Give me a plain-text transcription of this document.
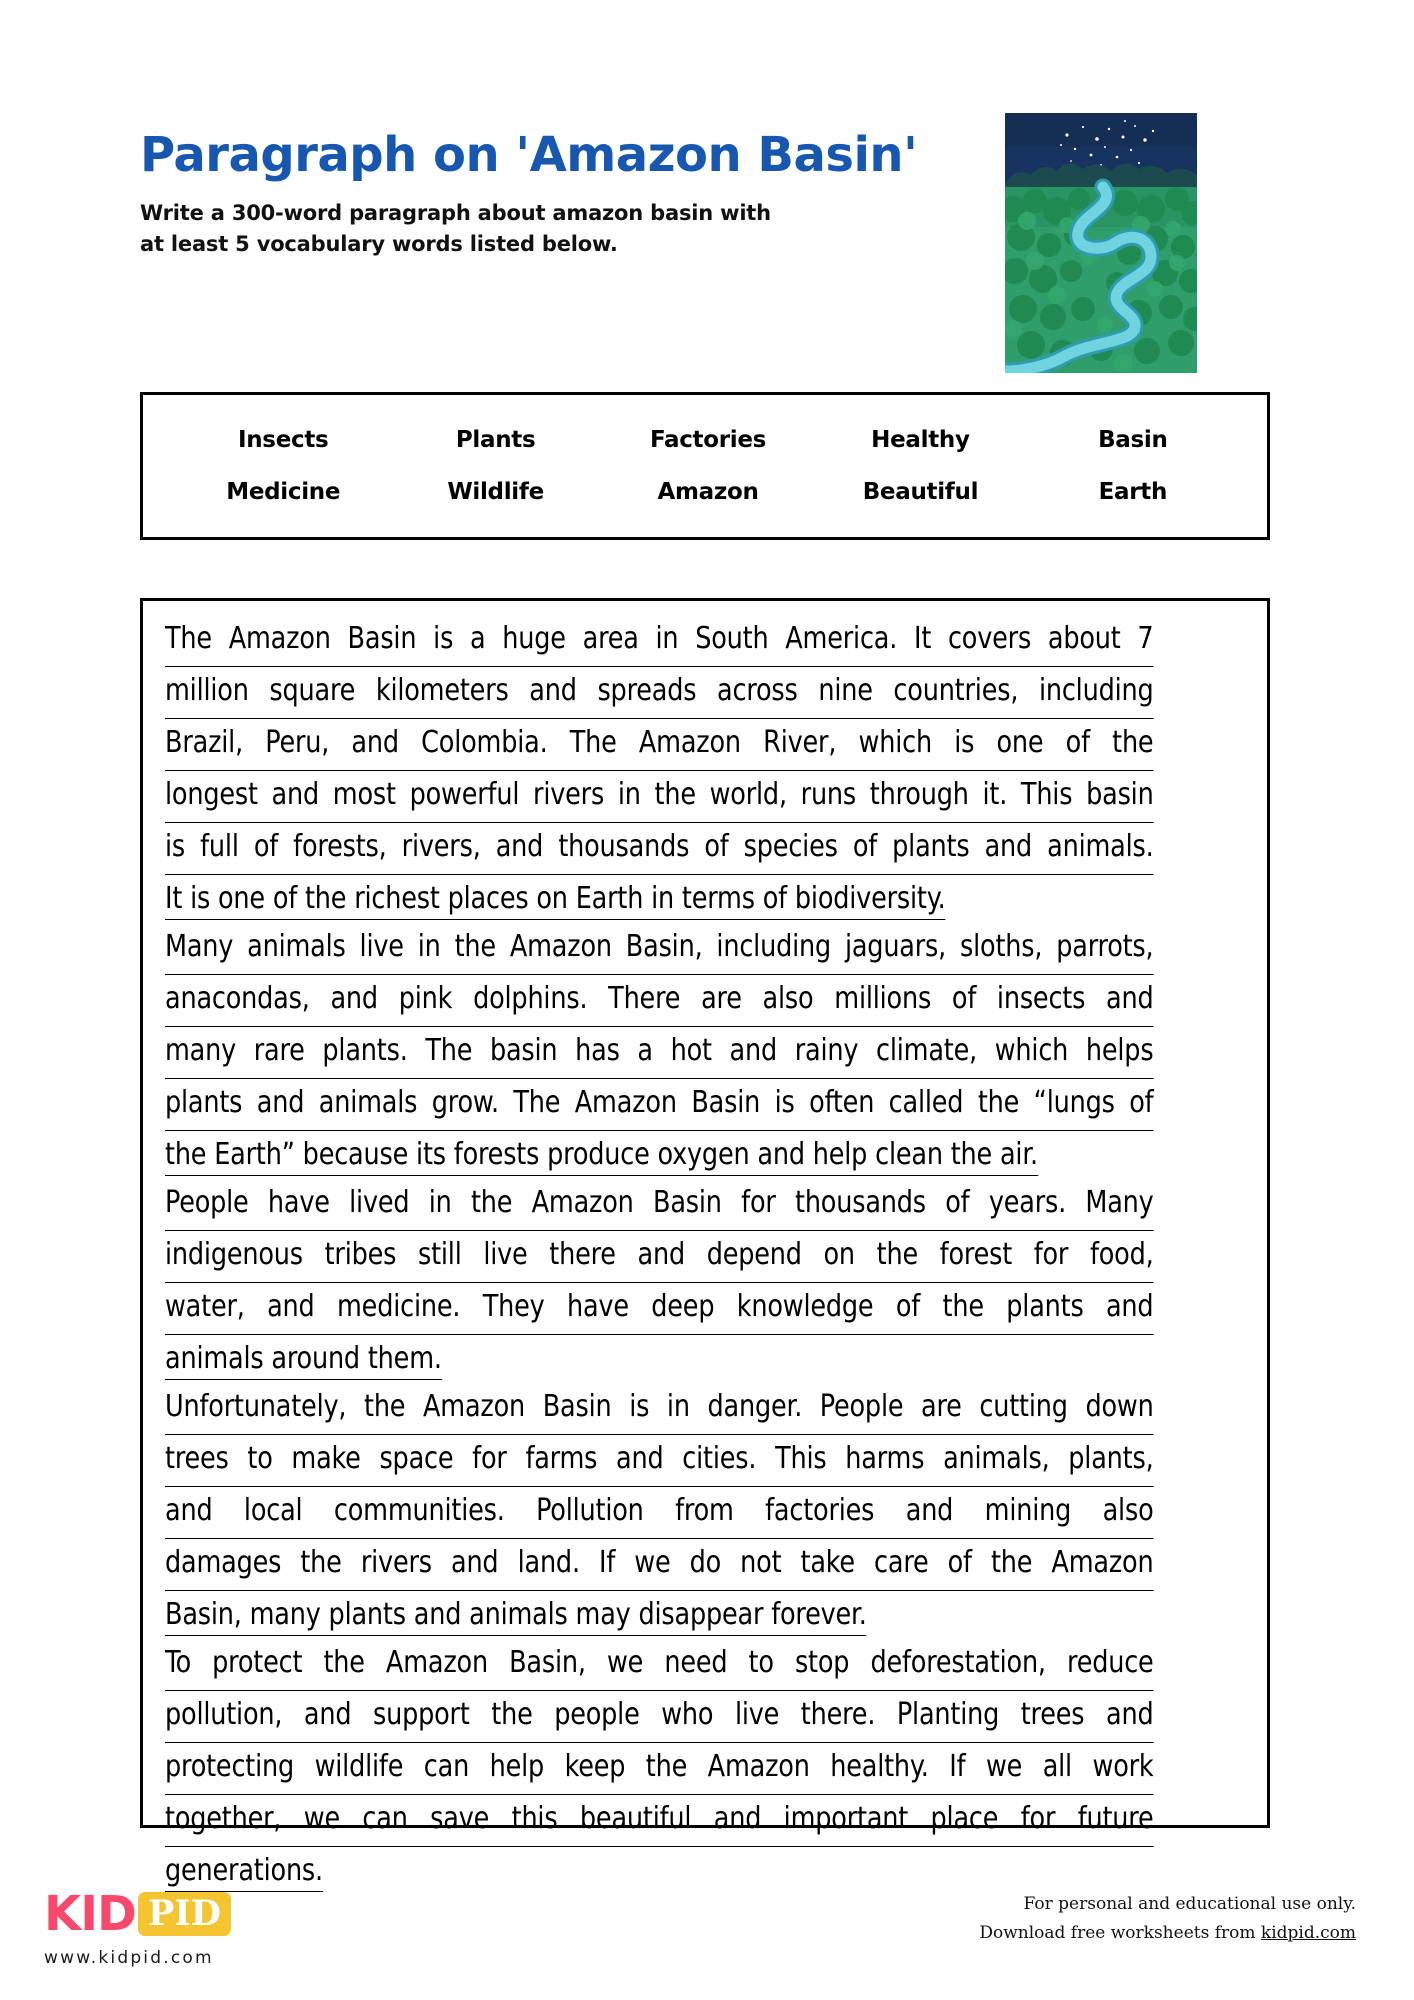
Paragraph on 'Amazon Basin'

Write a 300-word paragraph about amazon basin with
at least 5 vocabulary words listed below.

Insects	Plants	Factories	Healthy	Basin
Medicine	Wildlife	Amazon	Beautiful	Earth
The Amazon Basin is a huge area in South America. It covers about 7
million square kilometers and spreads across nine countries, including
Brazil, Peru, and Colombia. The Amazon River, which is one of the
longest and most powerful rivers in the world, runs through it. This basin
is full of forests, rivers, and thousands of species of plants and animals.
It is one of the richest places on Earth in terms of biodiversity.
Many animals live in the Amazon Basin, including jaguars, sloths, parrots,
anacondas, and pink dolphins. There are also millions of insects and
many rare plants. The basin has a hot and rainy climate, which helps
plants and animals grow. The Amazon Basin is often called the “lungs of
the Earth” because its forests produce oxygen and help clean the air.
People have lived in the Amazon Basin for thousands of years. Many
indigenous tribes still live there and depend on the forest for food,
water, and medicine. They have deep knowledge of the plants and
animals around them.
Unfortunately, the Amazon Basin is in danger. People are cutting down
trees to make space for farms and cities. This harms animals, plants,
and local communities. Pollution from factories and mining also
damages the rivers and land. If we do not take care of the Amazon
Basin, many plants and animals may disappear forever.
To protect the Amazon Basin, we need to stop deforestation, reduce
pollution, and support the people who live there. Planting trees and
protecting wildlife can help keep the Amazon healthy. If we all work
together, we can save this beautiful and important place for future
generations.
KID PID
www.kidpid.com
For personal and educational use only.
Download free worksheets from kidpid.com
